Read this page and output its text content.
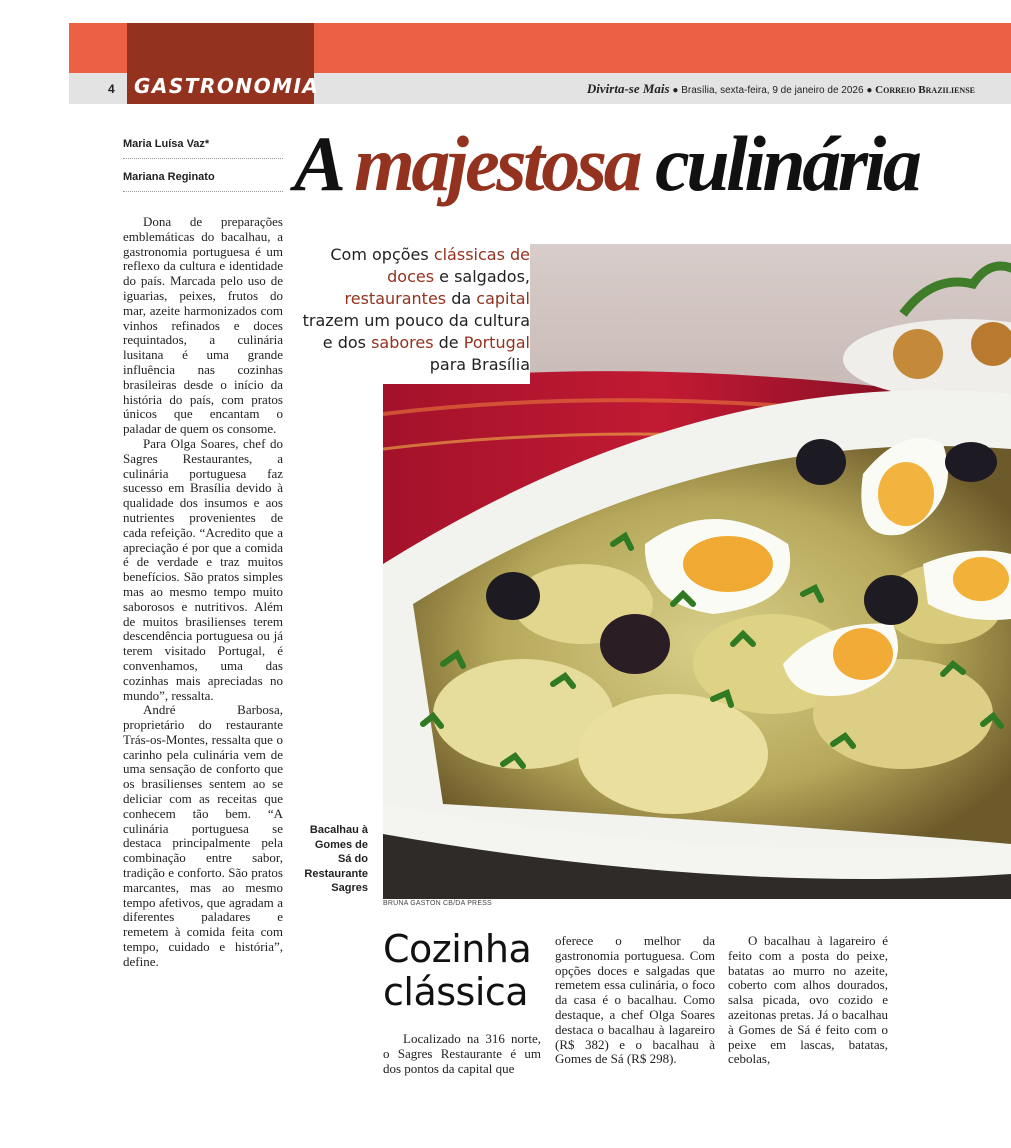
4 GASTRONOMIA	Divirta-se Mais ● Brasília, sexta-feira, 9 de janeiro de 2026 ● Correio Braziliense
Maria Luísa Vaz*
Mariana Reginato	A majestosa culinária
BRUNA GASTON CB/DA PRESS
Com opções clássicas de doces e salgados, restaurantes da capital trazem um pouco da cultura e dos sabores de Portugal para Brasília
Bacalhau à Gomes de Sá do Restaurante Sagres

Dona de preparações emblemáticas do bacalhau, a gastronomia portuguesa é um reflexo da cultura e identidade do país. Marcada pelo uso de iguarias, peixes, frutos do mar, azeite harmonizados com vinhos refinados e doces requintados, a culinária lusitana é uma grande influência nas cozinhas brasileiras desde o início da história do país, com pratos únicos que encantam o paladar de quem os consome.

Para Olga Soares, chef do Sagres Restaurantes, a culinária portuguesa faz sucesso em Brasília devido à qualidade dos insumos e aos nutrientes provenientes de cada refeição. “Acredito que a apreciação é por que a comida é de verdade e traz muitos benefícios. São pratos simples mas ao mesmo tempo muito saborosos e nutritivos. Além de muitos brasilienses terem descendência portuguesa ou já terem visitado Portugal, é convenhamos, uma das cozinhas mais apreciadas no mundo”, ressalta.

André Barbosa, proprietário do restaurante Trás-os-Montes, ressalta que o carinho pela culinária vem de uma sensação de conforto que os brasilienses sentem ao se deliciar com as receitas que conhecem tão bem. “A culinária portuguesa se destaca principalmente pela combinação entre sabor, tradição e conforto. São pratos marcantes, mas ao mesmo tempo afetivos, que agradam a diferentes paladares e remetem à comida feita com tempo, cuidado e história”, define.	Cozinha clássica

Localizado na 316 norte, o Sagres Restaurante é um dos pontos da capital que

oferece o melhor da gastronomia portuguesa. Com opções doces e salgadas que remetem essa culinária, o foco da casa é o bacalhau. Como destaque, a chef Olga Soares destaca o bacalhau à lagareiro (R$ 382) e o bacalhau à Gomes de Sá (R$ 298).

O bacalhau à lagareiro é feito com a posta do peixe, batatas ao murro no azeite, coberto com alhos dourados, salsa picada, ovo cozido e azeitonas pretas. Já o bacalhau à Gomes de Sá é feito com o peixe em lascas, batatas, cebolas,
